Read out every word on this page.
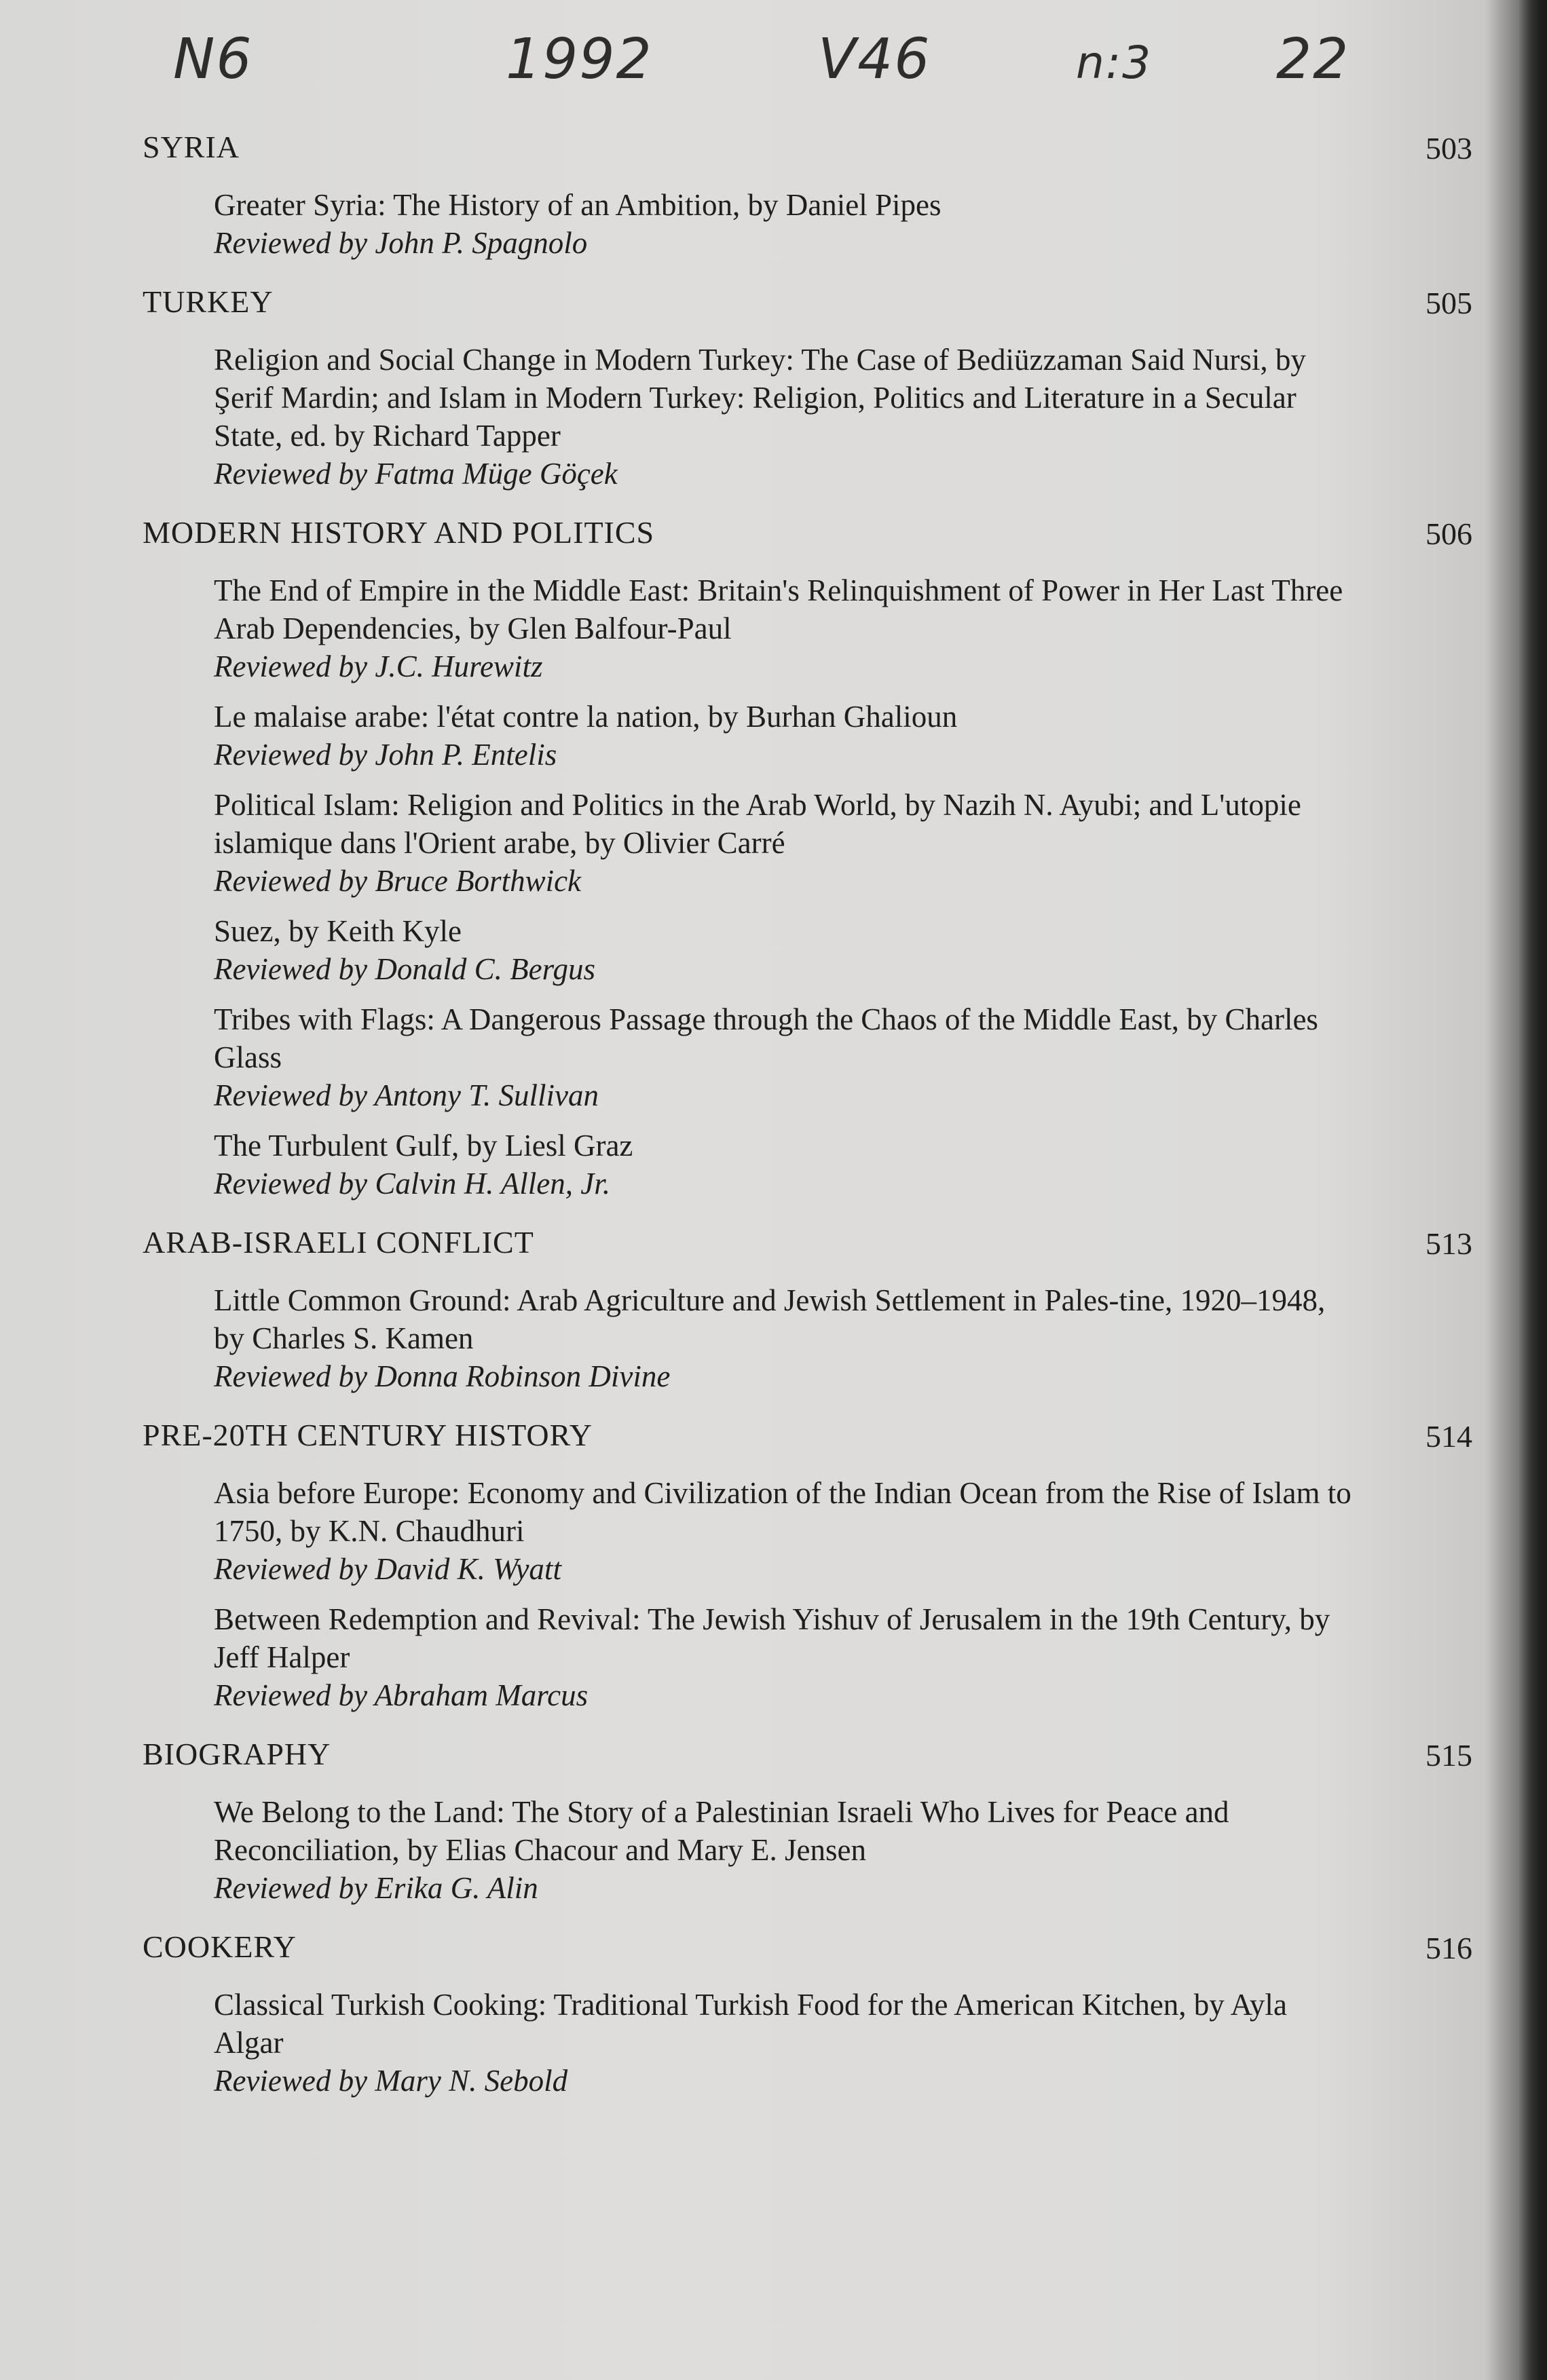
N6	1992	V46	n:3 22
SYRIA	503
Greater Syria: The History of an Ambition, by Daniel Pipes
Reviewed by John P. Spagnolo
TURKEY	505
Religion and Social Change in Modern Turkey: The Case of Bediüzzaman Said Nursi, by Şerif Mardin; and Islam in Modern Turkey: Religion, Politics and Literature in a Secular State, ed. by Richard Tapper
Reviewed by Fatma Müge Göçek
MODERN HISTORY AND POLITICS	506
The End of Empire in the Middle East: Britain's Relinquishment of Power in Her Last Three Arab Dependencies, by Glen Balfour-Paul
Reviewed by J.C. Hurewitz
Le malaise arabe: l'état contre la nation, by Burhan Ghalioun
Reviewed by John P. Entelis
Political Islam: Religion and Politics in the Arab World, by Nazih N. Ayubi; and L'utopie islamique dans l'Orient arabe, by Olivier Carré
Reviewed by Bruce Borthwick
Suez, by Keith Kyle
Reviewed by Donald C. Bergus
Tribes with Flags: A Dangerous Passage through the Chaos of the Middle East, by Charles Glass
Reviewed by Antony T. Sullivan
The Turbulent Gulf, by Liesl Graz
Reviewed by Calvin H. Allen, Jr.
ARAB-ISRAELI CONFLICT	513
Little Common Ground: Arab Agriculture and Jewish Settlement in Pales-tine, 1920–1948, by Charles S. Kamen
Reviewed by Donna Robinson Divine
PRE-20TH CENTURY HISTORY	514
Asia before Europe: Economy and Civilization of the Indian Ocean from the Rise of Islam to 1750, by K.N. Chaudhuri
Reviewed by David K. Wyatt
Between Redemption and Revival: The Jewish Yishuv of Jerusalem in the 19th Century, by Jeff Halper
Reviewed by Abraham Marcus
BIOGRAPHY	515
We Belong to the Land: The Story of a Palestinian Israeli Who Lives for Peace and Reconciliation, by Elias Chacour and Mary E. Jensen
Reviewed by Erika G. Alin
COOKERY	516
Classical Turkish Cooking: Traditional Turkish Food for the American Kitchen, by Ayla Algar
Reviewed by Mary N. Sebold
